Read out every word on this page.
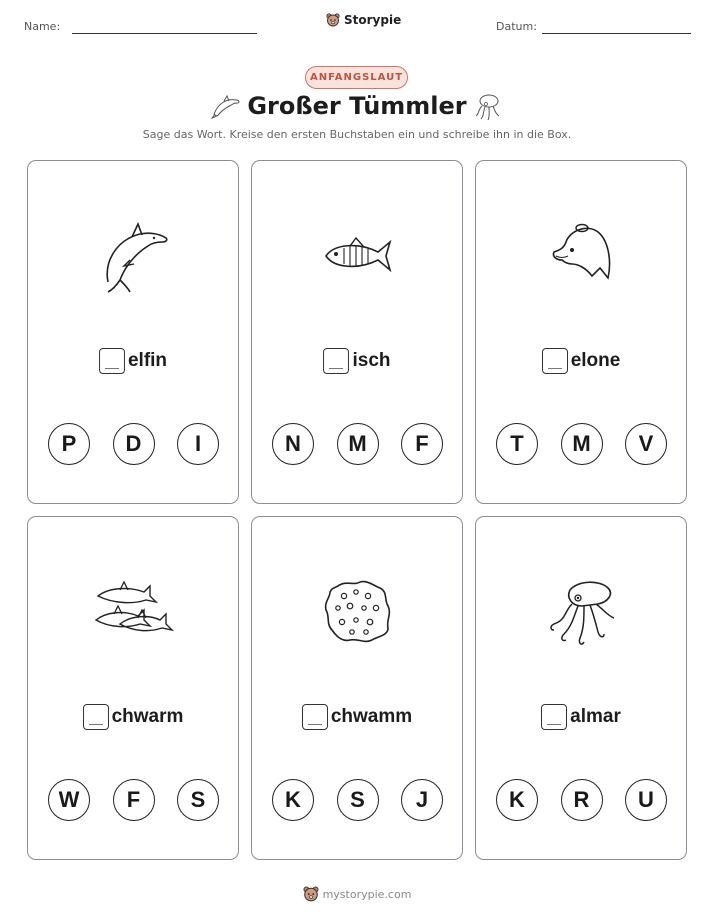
Name:	Storypie	Datum:
ANFANGSLAUT
Großer Tümmler
Sage das Wort. Kreise den ersten Buchstaben ein und schreibe ihn in die Box.
elfin
P	D	I
isch
N	M	F
elone
T	M	V
chwarm
W	F	S
chwamm
K	S	J
almar
K	R	U
mystorypie.com
